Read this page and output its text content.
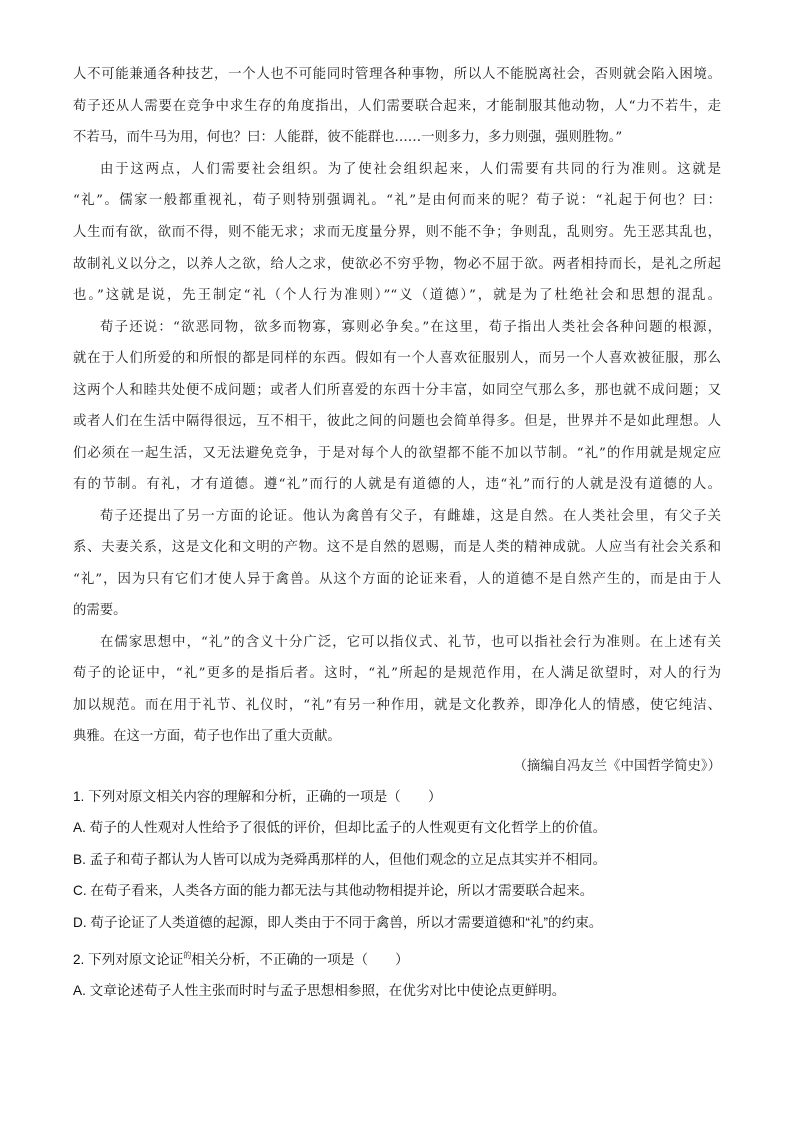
人不可能兼通各种技艺，一个人也不可能同时管理各种事物，所以人不能脱离社会，否则就会陷入困境。
荀子还从人需要在竞争中求生存的角度指出，人们需要联合起来，才能制服其他动物，人“力不若牛，走
不若马，而牛马为用，何也？曰：人能群，彼不能群也……一则多力，多力则强，强则胜物。”
由于这两点，人们需要社会组织。为了使社会组织起来，人们需要有共同的行为准则。这就是
“礼”。儒家一般都重视礼，荀子则特别强调礼。“礼”是由何而来的呢？荀子说：“礼起于何也？曰：
人生而有欲，欲而不得，则不能无求；求而无度量分界，则不能不争；争则乱，乱则穷。先王恶其乱也，
故制礼义以分之，以养人之欲，给人之求，使欲必不穷乎物，物必不屈于欲。两者相持而长，是礼之所起
也。”这就是说，先王制定“礼（个人行为准则）”“义（道德）”，就是为了杜绝社会和思想的混乱。
荀子还说：“欲恶同物，欲多而物寡，寡则必争矣。”在这里，荀子指出人类社会各种问题的根源，
就在于人们所爱的和所恨的都是同样的东西。假如有一个人喜欢征服别人，而另一个人喜欢被征服，那么
这两个人和睦共处便不成问题；或者人们所喜爱的东西十分丰富，如同空气那么多，那也就不成问题；又
或者人们在生活中隔得很远，互不相干，彼此之间的问题也会简单得多。但是，世界并不是如此理想。人
们必须在一起生活，又无法避免竞争，于是对每个人的欲望都不能不加以节制。“礼”的作用就是规定应
有的节制。有礼，才有道德。遵“礼”而行的人就是有道德的人，违“礼”而行的人就是没有道德的人。
荀子还提出了另一方面的论证。他认为禽兽有父子，有雌雄，这是自然。在人类社会里，有父子关
系、夫妻关系，这是文化和文明的产物。这不是自然的恩赐，而是人类的精神成就。人应当有社会关系和
“礼”，因为只有它们才使人异于禽兽。从这个方面的论证来看，人的道德不是自然产生的，而是由于人
的需要。
在儒家思想中，“礼”的含义十分广泛，它可以指仪式、礼节，也可以指社会行为准则。在上述有关
荀子的论证中，“礼”更多的是指后者。这时，“礼”所起的是规范作用，在人满足欲望时，对人的行为
加以规范。而在用于礼节、礼仪时，“礼”有另一种作用，就是文化教养，即净化人的情感，使它纯洁、
典雅。在这一方面，荀子也作出了重大贡献。
（摘编自冯友兰《中国哲学简史》）
1. 下列对原文相关内容的理解和分析，正确的一项是（　　）
A. 荀子的人性观对人性给予了很低的评价，但却比孟子的人性观更有文化哲学上的价值。
B. 孟子和荀子都认为人皆可以成为尧舜禹那样的人，但他们观念的立足点其实并不相同。
C. 在荀子看来，人类各方面的能力都无法与其他动物相提并论，所以才需要联合起来。
D. 荀子论证了人类道德的起源，即人类由于不同于禽兽，所以才需要道德和“礼”的约束。
2. 下列对原文论证$^的$相关分析，不正确的一项是（　　）
A. 文章论述荀子人性主张而时时与孟子思想相参照，在优劣对比中使论点更鲜明。
